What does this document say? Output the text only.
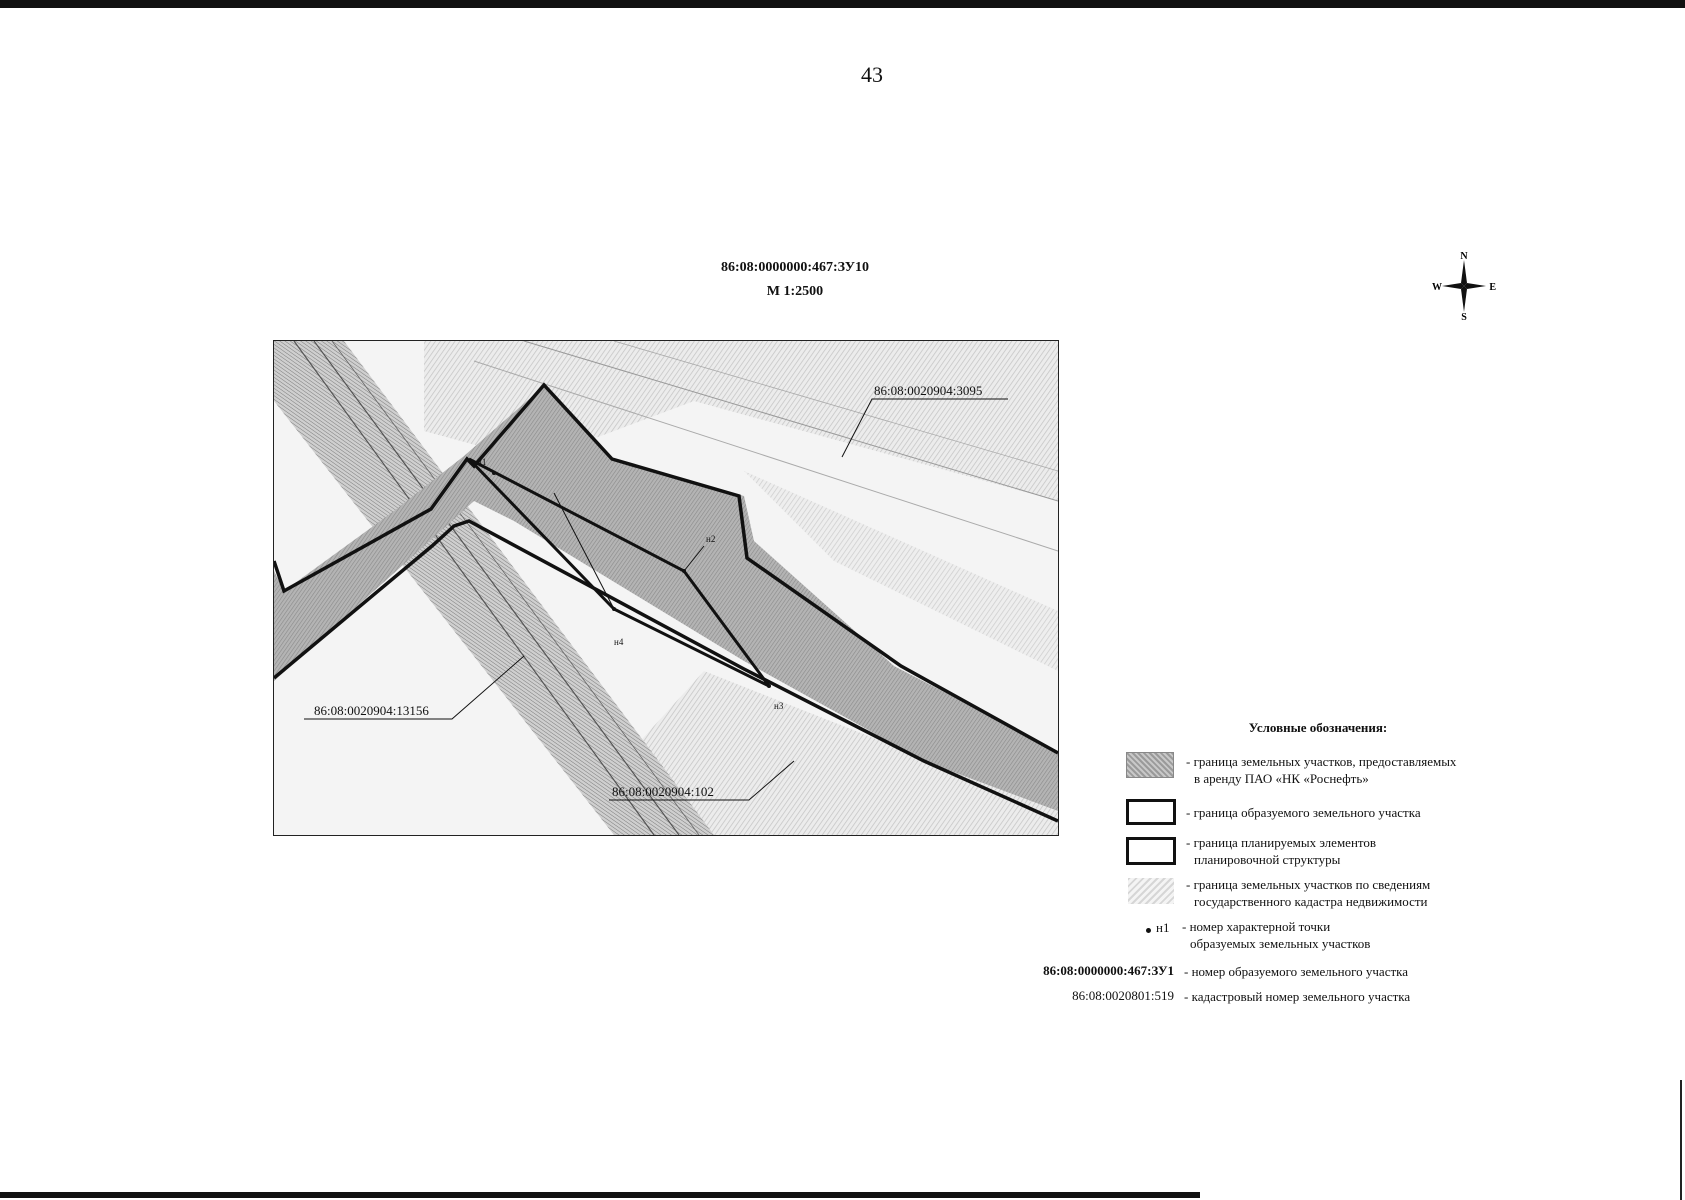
43
86:08:0000000:467:ЗУ10
М 1:2500
N
S
W	E
н2
н3
н4
н1
86:08:0020904:3095
86:08:0020904:13156
86:08:0020904:102
Условные обозначения:
- граница земельных участков, предоставляемых
в аренду ПАО «НК «Роснефть»
- граница образуемого земельного участка
- граница планируемых элементов
планировочной структуры
- граница земельных участков по сведениям
государственного кадастра недвижимости
н1 - номер характерной точки
образуемых земельных участков
86:08:0000000:467:ЗУ1 - номер образуемого земельного участка
86:08:0020801:519 - кадастровый номер земельного участка
